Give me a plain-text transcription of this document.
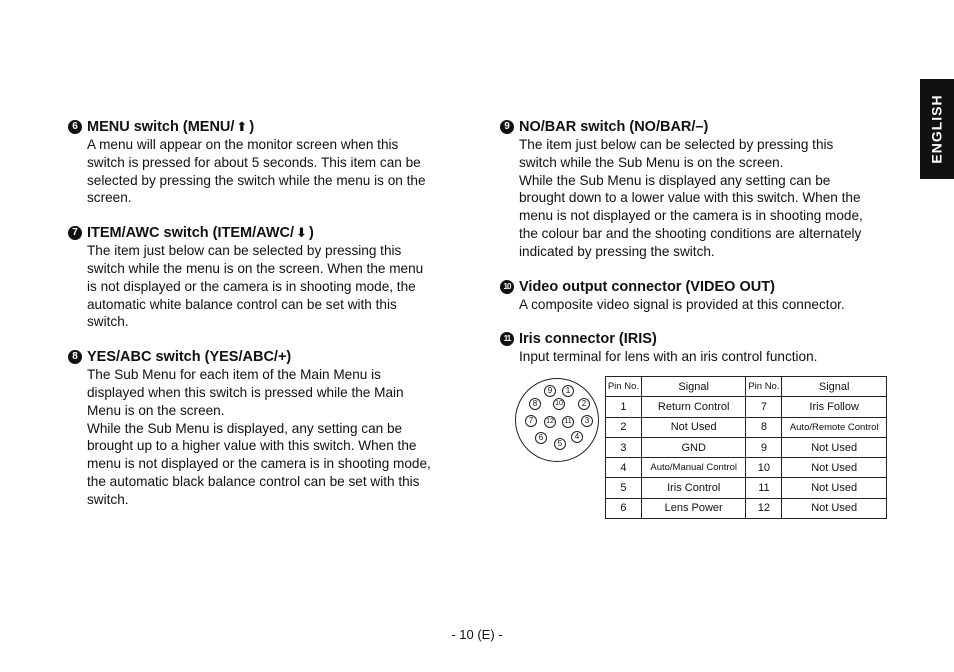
ENGLISH
6 MENU switch (MENU/ ⬆ )

A menu will appear on the monitor screen when this

switch is pressed for about 5 seconds. This item can be

selected by pressing the switch while the menu is on the

screen.

7 ITEM/AWC switch (ITEM/AWC/ ⬇ )

The item just below can be selected by pressing this

switch while the menu is on the screen. When the menu

is not displayed or the camera is in shooting mode, the

automatic white balance control can be set with this

switch.

8 YES/ABC switch (YES/ABC/+)

The Sub Menu for each item of the Main Menu is

displayed when this switch is pressed while the Main

Menu is on the screen.

While the Sub Menu is displayed, any setting can be

brought up to a higher value with this switch. When the

menu is not displayed or the camera is in shooting mode,

the automatic black balance control can be set with this

switch.

9 NO/BAR switch (NO/BAR/–)

The item just below can be selected by pressing this

switch while the Sub Menu is on the screen.

While the Sub Menu is displayed any setting can be

brought down to a lower value with this switch. When the

menu is not displayed or the camera is in shooting mode,

the colour bar and the shooting conditions are alternately

indicated by pressing the switch.

10 Video output connector (VIDEO OUT)

A composite video signal is provided at this connector.

11 Iris connector (IRIS)

Input terminal for lens with an iris control function.

1
2
3
4
5
6
7
8
9
10
11
12
Pin No.	Signal	Pin No.	Signal
1	Return Control	7	Iris Follow
2	Not Used	8	Auto/Remote Control
3	GND	9	Not Used
4	Auto/Manual Control	10	Not Used
5	Iris Control	11	Not Used
6	Lens Power	12	Not Used
- 10 (E) -
